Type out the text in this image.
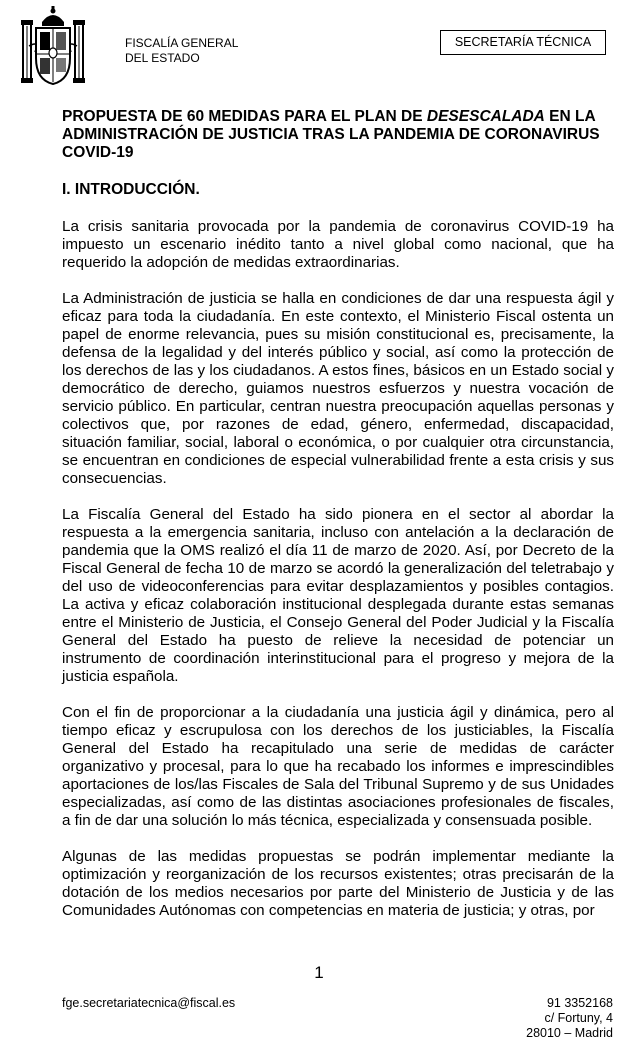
FISCALÍA GENERAL
DEL ESTADO
SECRETARÍA TÉCNICA
PROPUESTA DE 60 MEDIDAS PARA EL PLAN DE DESESCALADA EN LA ADMINISTRACIÓN DE JUSTICIA TRAS LA PANDEMIA DE CORONAVIRUS COVID-19
I. INTRODUCCIÓN.

La crisis sanitaria provocada por la pandemia de coronavirus COVID-19 ha impuesto un escenario inédito tanto a nivel global como nacional, que ha requerido la adopción de medidas extraordinarias.

La Administración de justicia se halla en condiciones de dar una respuesta ágil y eficaz para toda la ciudadanía. En este contexto, el Ministerio Fiscal ostenta un papel de enorme relevancia, pues su misión constitucional es, precisamente, la defensa de la legalidad y del interés público y social, así como la protección de los derechos de las y los ciudadanos. A estos fines, básicos en un Estado social y democrático de derecho, guiamos nuestros esfuerzos y nuestra vocación de servicio público. En particular, centran nuestra preocupación aquellas personas y colectivos que, por razones de edad, género, enfermedad, discapacidad, situación familiar, social, laboral o económica, o por cualquier otra circunstancia, se encuentran en condiciones de especial vulnerabilidad frente a esta crisis y sus consecuencias.

La Fiscalía General del Estado ha sido pionera en el sector al abordar la respuesta a la emergencia sanitaria, incluso con antelación a la declaración de pandemia que la OMS realizó el día 11 de marzo de 2020. Así, por Decreto de la Fiscal General de fecha 10 de marzo se acordó la generalización del teletrabajo y del uso de videoconferencias para evitar desplazamientos y posibles contagios. La activa y eficaz colaboración institucional desplegada durante estas semanas entre el Ministerio de Justicia, el Consejo General del Poder Judicial y la Fiscalía General del Estado ha puesto de relieve la necesidad de potenciar un instrumento de coordinación interinstitucional para el progreso y mejora de la justicia española.

Con el fin de proporcionar a la ciudadanía una justicia ágil y dinámica, pero al tiempo eficaz y escrupulosa con los derechos de los justiciables, la Fiscalía General del Estado ha recapitulado una serie de medidas de carácter organizativo y procesal, para lo que ha recabado los informes e imprescindibles aportaciones de los/las Fiscales de Sala del Tribunal Supremo y de sus Unidades especializadas, así como de las distintas asociaciones profesionales de fiscales, a fin de dar una solución lo más técnica, especializada y consensuada posible.

Algunas de las medidas propuestas se podrán implementar mediante la optimización y reorganización de los recursos existentes; otras precisarán de la dotación de los medios necesarios por parte del Ministerio de Justicia y de las Comunidades Autónomas con competencias en materia de justicia; y otras, por

1
fge.secretariatecnica@fiscal.es	91 3352168
c/ Fortuny, 4
28010 – Madrid
